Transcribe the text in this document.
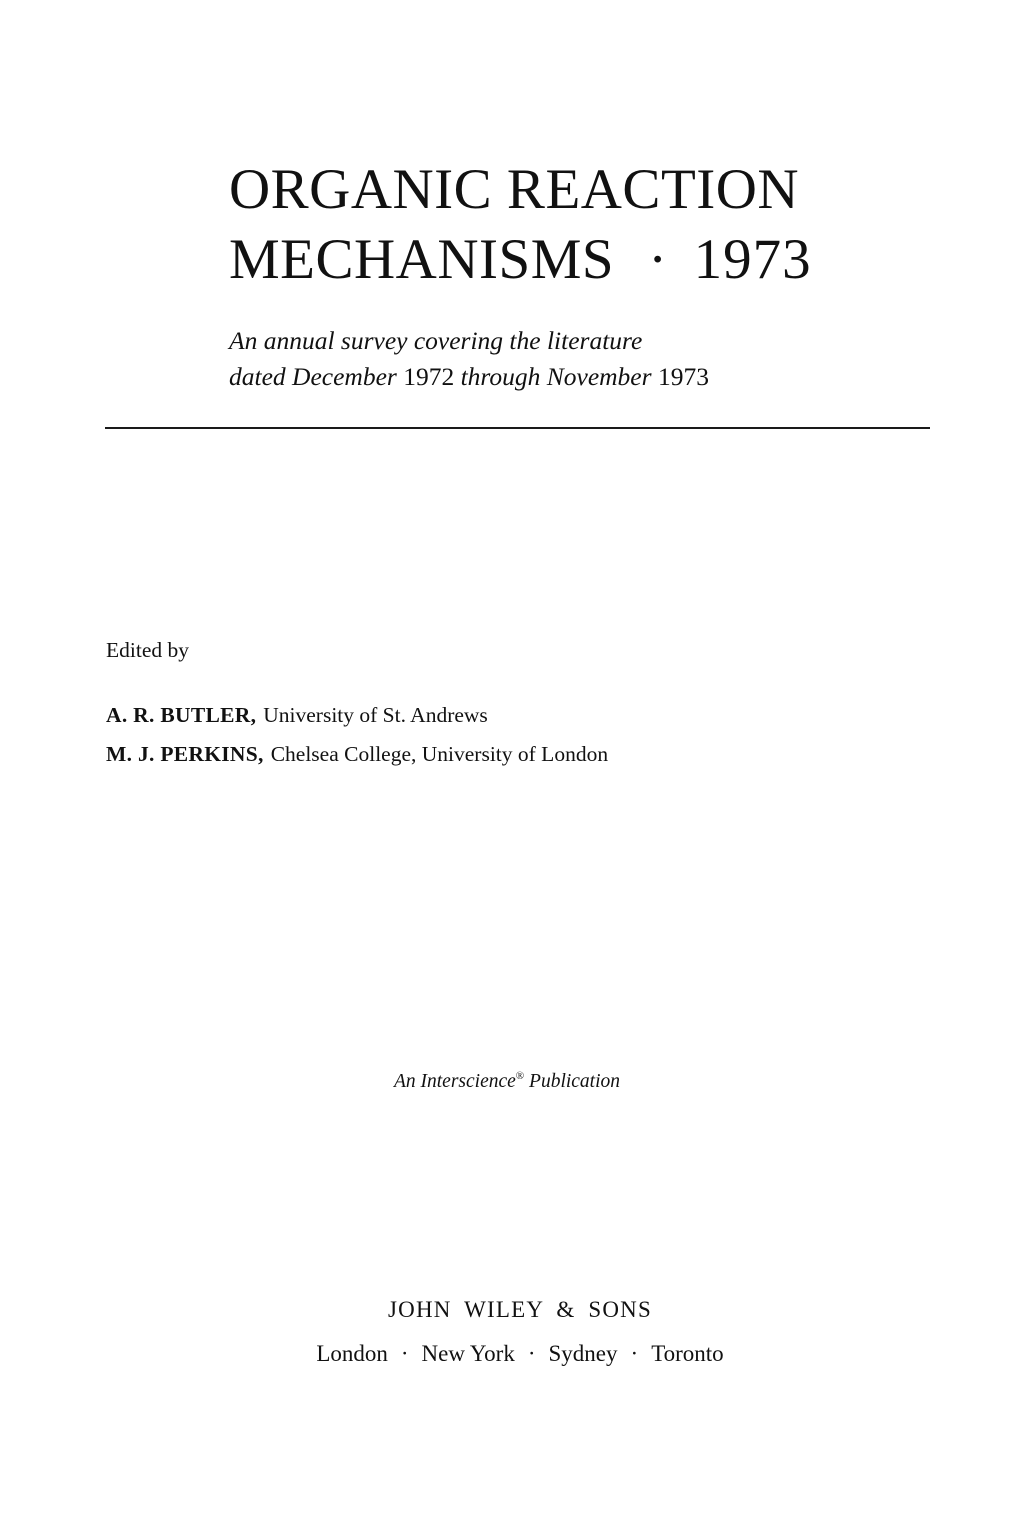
ORGANIC REACTION
MECHANISMS · 1973
An annual survey covering the literature
dated December 1972 through November 1973
Edited by
A. R. BUTLER, University of St. Andrews
M. J. PERKINS, Chelsea College, University of London
An Interscience® Publication
JOHN WILEY & SONS
London · New York · Sydney · Toronto
